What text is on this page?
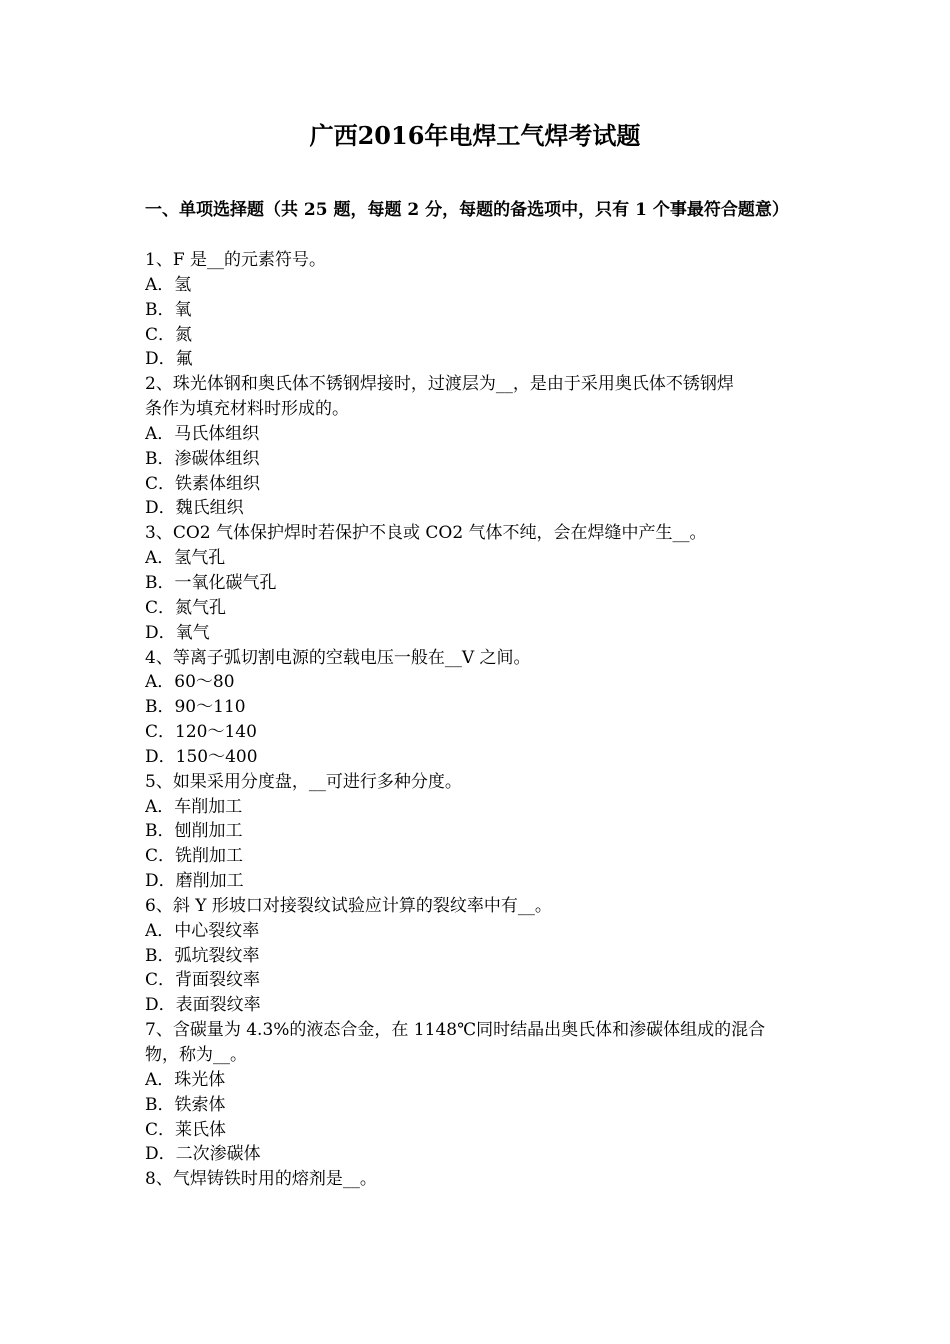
广西2016年电焊工气焊考试题
一、单项选择题（共 25 题，每题 2 分，每题的备选项中，只有 1 个事最符合题意）
1、F 是__的元素符号。
A．氢
B．氧
C．氮
D．氟
2、珠光体钢和奥氏体不锈钢焊接时，过渡层为__，是由于采用奥氏体不锈钢焊
条作为填充材料时形成的。
A．马氏体组织
B．渗碳体组织
C．铁素体组织
D．魏氏组织
3、CO2 气体保护焊时若保护不良或 CO2 气体不纯，会在焊缝中产生__。
A．氢气孔
B．一氧化碳气孔
C．氮气孔
D．氧气
4、等离子弧切割电源的空载电压一般在__V 之间。
A．60～80
B．90～110
C．120～140
D．150～400
5、如果采用分度盘，__可进行多种分度。
A．车削加工
B．刨削加工
C．铣削加工
D．磨削加工
6、斜 Y 形坡口对接裂纹试验应计算的裂纹率中有__。
A．中心裂纹率
B．弧坑裂纹率
C．背面裂纹率
D．表面裂纹率
7、含碳量为 4.3%的液态合金，在 1148℃同时结晶出奥氏体和渗碳体组成的混合
物，称为__。
A．珠光体
B．铁索体
C．莱氏体
D．二次渗碳体
8、气焊铸铁时用的熔剂是__。
